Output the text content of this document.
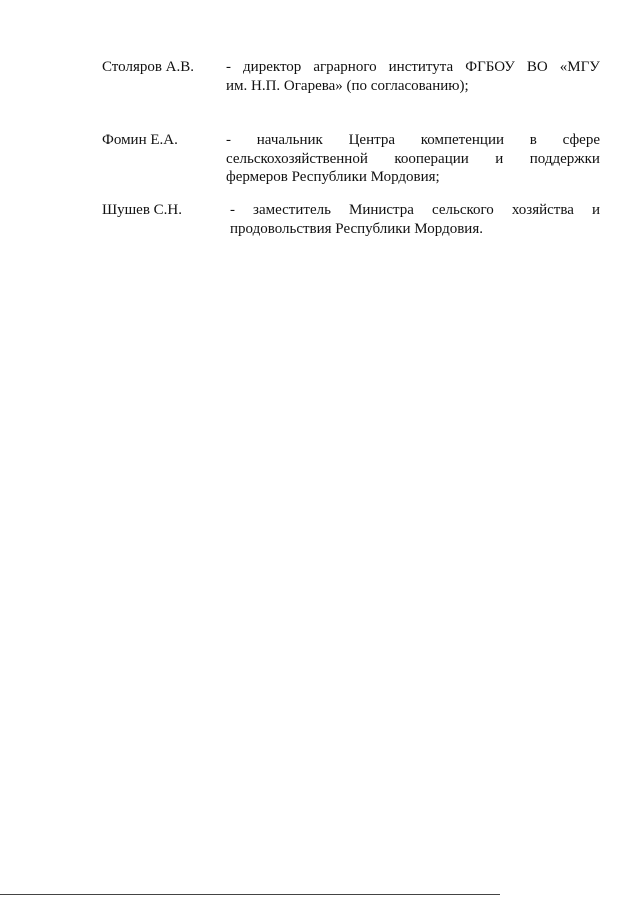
Столяров А.В. - директор аграрного института ФГБОУ ВО «МГУ
им. Н.П. Огарева» (по согласованию);
Фомин Е.А.	- начальник Центра компетенции в сфере
сельскохозяйственной кооперации и поддержки
фермеров Республики Мордовия;
Шушев С.Н.	- заместитель Министра сельского хозяйства и
продовольствия Республики Мордовия.
